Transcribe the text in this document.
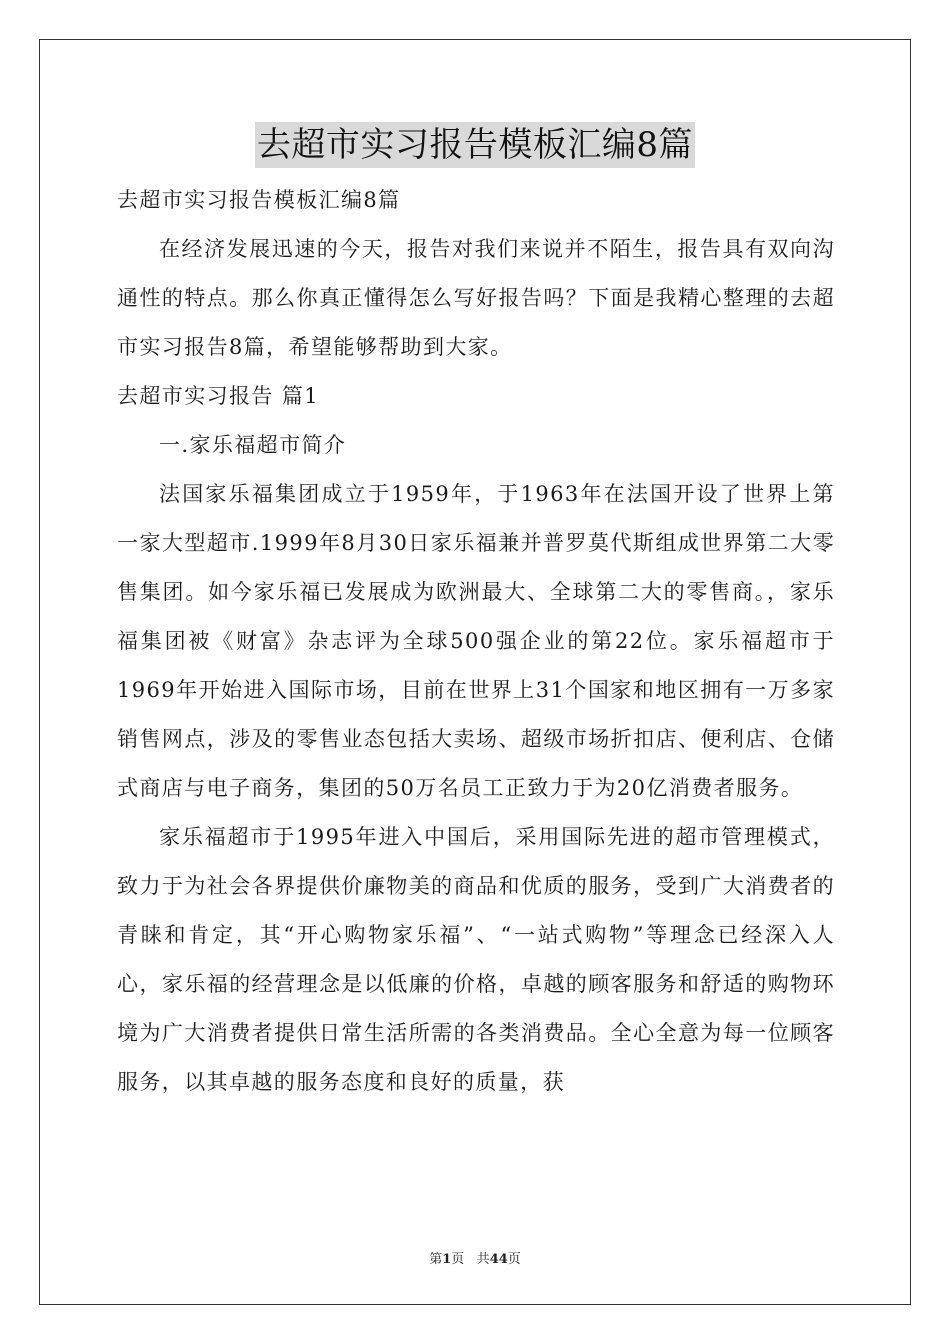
去超市实习报告模板汇编8篇

去超市实习报告模板汇编8篇

在经济发展迅速的今天，报告对我们来说并不陌生，报告具有双向沟通性的特点。那么你真正懂得怎么写好报告吗？下面是我精心整理的去超市实习报告8篇，希望能够帮助到大家。

去超市实习报告 篇1

一.家乐福超市简介

法国家乐福集团成立于1959年，于1963年在法国开设了世界上第一家大型超市.1999年8月30日家乐福兼并普罗莫代斯组成世界第二大零售集团。如今家乐福已发展成为欧洲最大、全球第二大的零售商。，家乐福集团被《财富》杂志评为全球500强企业的第22位。家乐福超市于1969年开始进入国际市场，目前在世界上31个国家和地区拥有一万多家销售网点，涉及的零售业态包括大卖场、超级市场折扣店、便利店、仓储式商店与电子商务，集团的50万名员工正致力于为20亿消费者服务。

家乐福超市于1995年进入中国后，采用国际先进的超市管理模式，致力于为社会各界提供价廉物美的商品和优质的服务，受到广大消费者的青睐和肯定，其“开心购物家乐福”、“一站式购物”等理念已经深入人心，家乐福的经营理念是以低廉的价格，卓越的顾客服务和舒适的购物环境为广大消费者提供日常生活所需的各类消费品。全心全意为每一位顾客服务，以其卓越的服务态度和良好的质量，获

第1页 共44页
